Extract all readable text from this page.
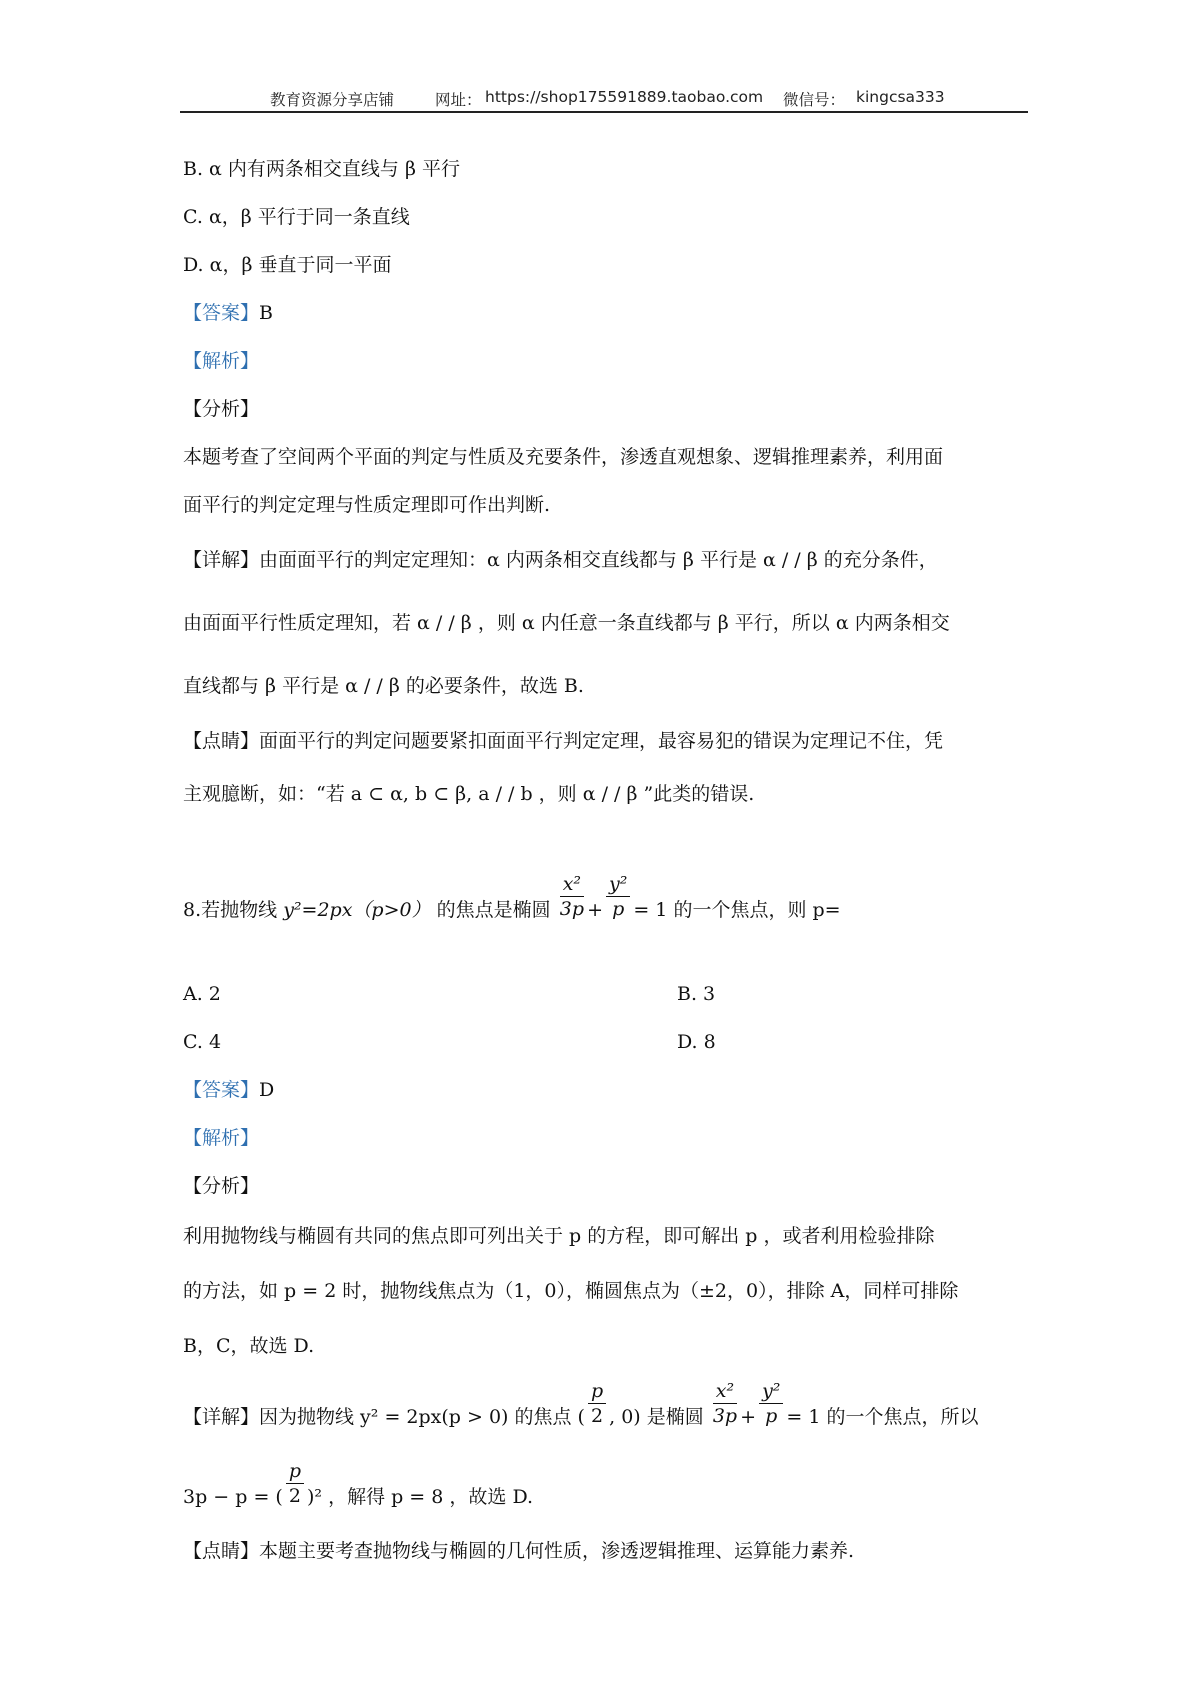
教育资源分享店铺	网址： https://shop175591889.taobao.com 微信号： kingcsa333
B. α 内有两条相交直线与 β 平行
C. α，β 平行于同一条直线
D. α，β 垂直于同一平面
【答案】B
【解析】
【分析】
本题考查了空间两个平面的判定与性质及充要条件，渗透直观想象、逻辑推理素养，利用面
面平行的判定定理与性质定理即可作出判断.
【详解】由面面平行的判定定理知：α 内两条相交直线都与 β 平行是 α / / β 的充分条件，
由面面平行性质定理知，若 α / / β ，则 α 内任意一条直线都与 β 平行，所以 α 内两条相交
直线都与 β 平行是 α / / β 的必要条件，故选 B.
【点睛】面面平行的判定问题要紧扣面面平行判定定理，最容易犯的错误为定理记不住，凭
主观臆断，如：“若 a ⊂ α, b ⊂ β, a / / b ，则 α / / β ”此类的错误.
8.若抛物线 y²=2px（p>0） 的焦点是椭圆 $\frac{\text{x²}}{3p} + \frac{\text{y²}}{p} = 1$ 的一个焦点，则 p=
A. 2	B. 3
C. 4	D. 8
【答案】D
【解析】
【分析】
利用抛物线与椭圆有共同的焦点即可列出关于 p 的方程，即可解出 p ，或者利用检验排除
的方法，如 p = 2 时，抛物线焦点为（1，0），椭圆焦点为（±2，0），排除 A，同样可排除
B，C，故选 D.
【详解】因为抛物线 y² = 2px(p > 0) 的焦点 ( $\frac{p}{2}$ , 0) 是椭圆 $\frac{\text{x²}}{3p} + \frac{\text{y²}}{p} = 1$ 的一个焦点，所以
3p − p = ( $\frac{p}{2} )^2$ ，解得 p = 8 ，故选 D.
【点睛】本题主要考查抛物线与椭圆的几何性质，渗透逻辑推理、运算能力素养.
